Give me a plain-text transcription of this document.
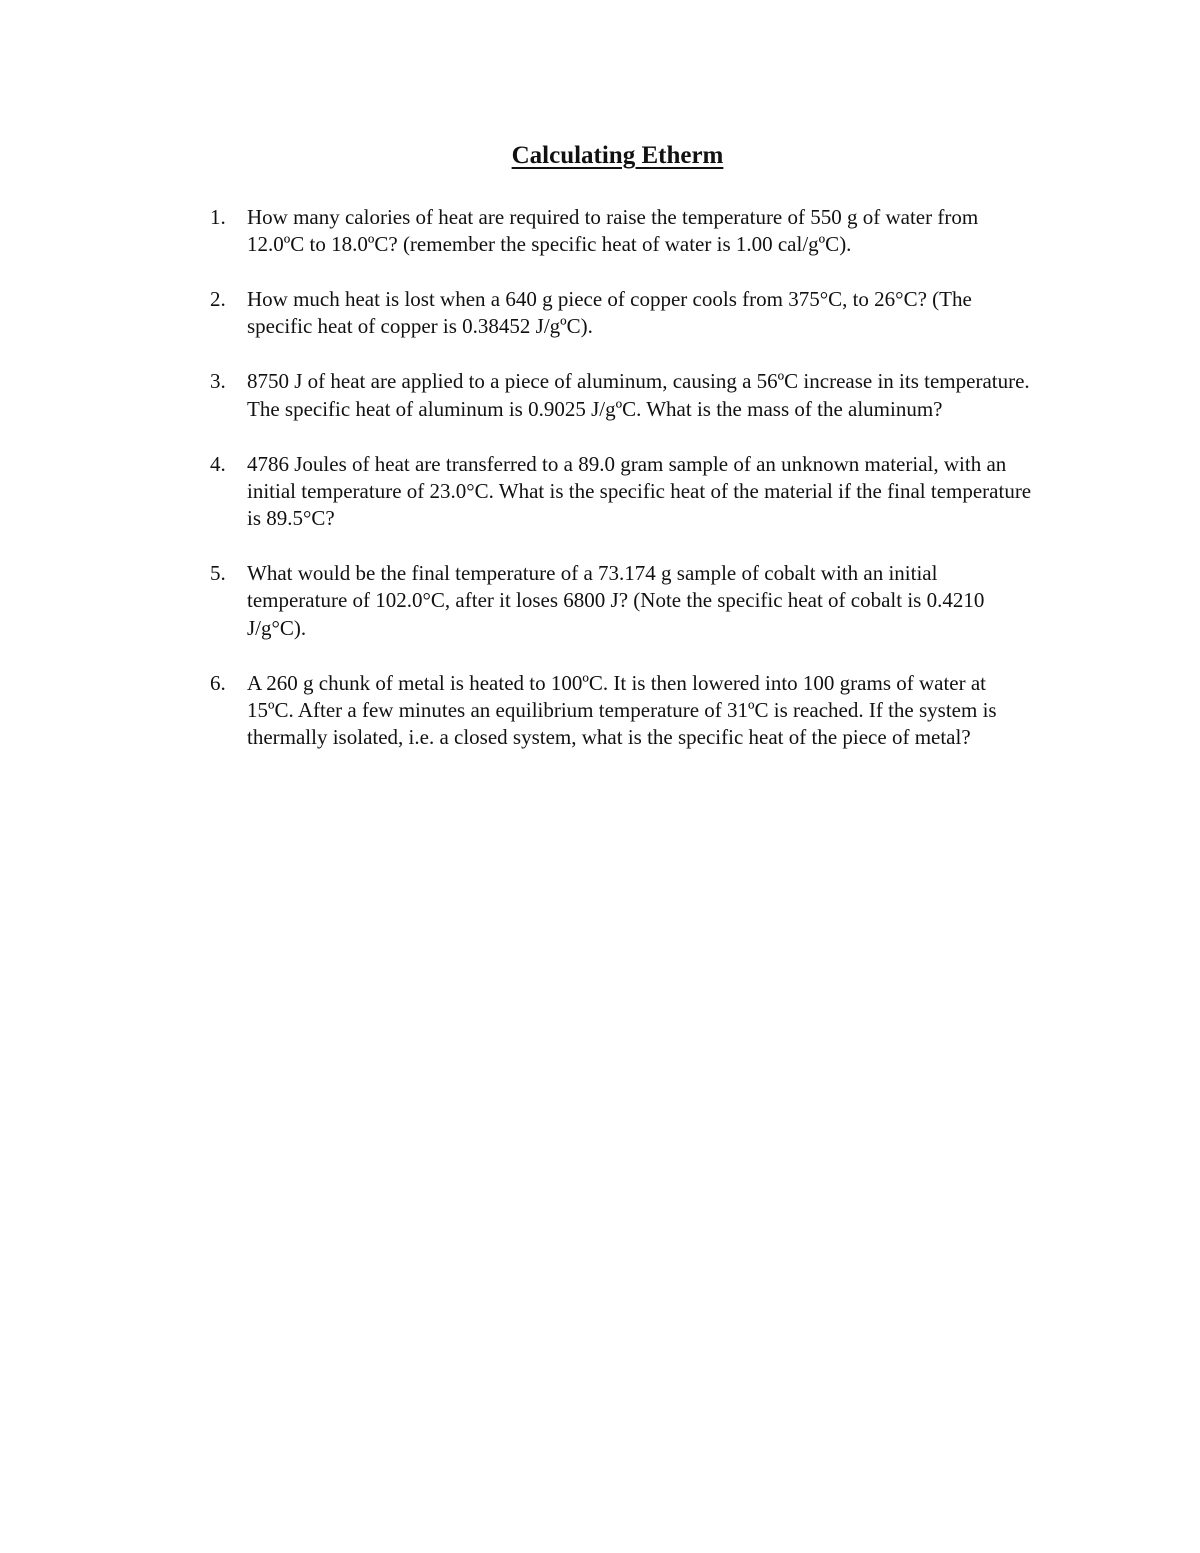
Calculating Etherm
1.	How many calories of heat are required to raise the temperature of 550 g of water from 12.0ºC to 18.0ºC? (remember the specific heat of water is 1.00 cal/gºC).
2.	How much heat is lost when a 640 g piece of copper cools from 375°C, to 26°C? (The specific heat of copper is 0.38452 J/gºC).
3.	8750 J of heat are applied to a piece of aluminum, causing a 56ºC increase in its temperature. The specific heat of aluminum is 0.9025 J/gºC. What is the mass of the aluminum?
4.	4786 Joules of heat are transferred to a 89.0 gram sample of an unknown material, with an initial temperature of 23.0°C. What is the specific heat of the material if the final temperature is 89.5°C?
5.	What would be the final temperature of a 73.174 g sample of cobalt with an initial temperature of 102.0°C, after it loses 6800 J? (Note the specific heat of cobalt is 0.4210 J/g°C).
6.	A 260 g chunk of metal is heated to 100ºC. It is then lowered into 100 grams of water at 15ºC. After a few minutes an equilibrium temperature of 31ºC is reached. If the system is thermally isolated, i.e. a closed system, what is the specific heat of the piece of metal?
